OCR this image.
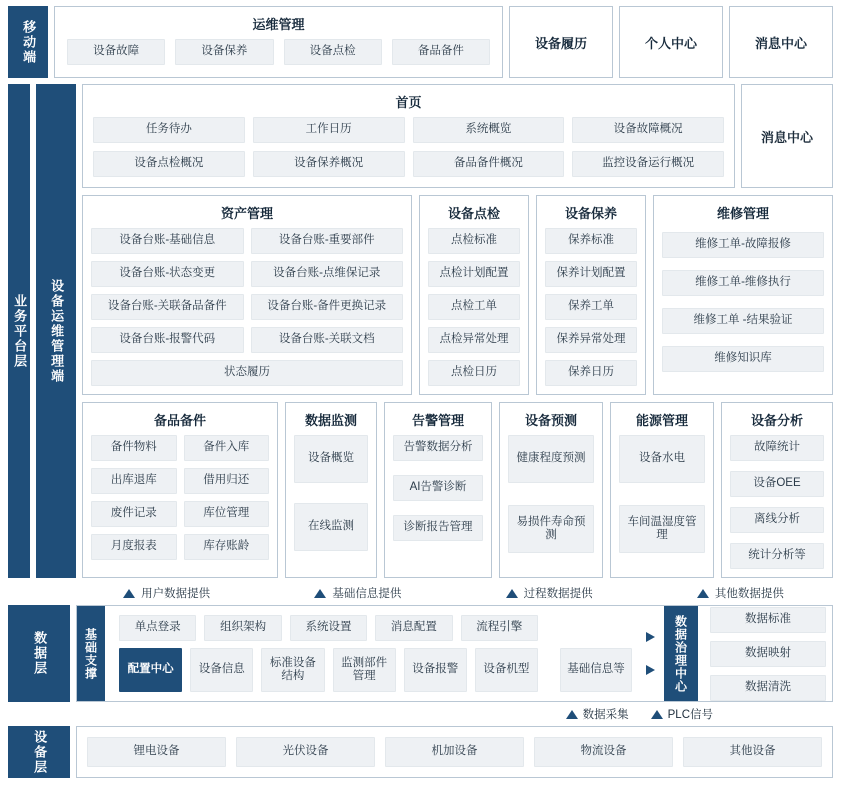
移动端	运维管理
设备故障	设备保养	设备点检	备品备件
设备履历	个人中心	消息中心
业务平台层 设备运维管理端
首页
任务待办	工作日历	系统概览	设备故障概况
设备点检概况	设备保养概况	备品备件概况	监控设备运行概况
消息中心
资产管理
设备台账-基础信息	设备台账-重要部件
设备台账-状态变更	设备台账-点维保记录
设备台账-关联备品备件	设备台账-备件更换记录
设备台账-报警代码	设备台账-关联文档
状态履历
设备点检
点检标准
点检计划配置
点检工单
点检异常处理
点检日历
设备保养
保养标准
保养计划配置
保养工单
保养异常处理
保养日历
维修管理
维修工单-故障报修
维修工单-维修执行
维修工单 -结果验证
维修知识库
备品备件
备件物料	备件入库
出库退库	借用归还
废件记录	库位管理
月度报表	库存账龄
数据监测
设备概览
在线监测
告警管理
告警数据分析
AI告警诊断
诊断报告管理
设备预测
健康程度预测
易损件寿命预测
能源管理
设备水电
车间温湿度管理
设备分析
故障统计
设备OEE
离线分析
统计分析等
用户数据提供	基础信息提供	过程数据提供	其他数据提供
数据层	基础支撑
单点登录	组织架构	系统设置	消息配置	流程引擎
配置中心	设备信息
标准设备结构
监测部件管理
设备报警	设备机型	基础信息等	数据治理中心	数据标准
数据映射
数据清洗
数据采集	PLC信号
设备层	锂电设备	光伏设备	机加设备	物流设备	其他设备
